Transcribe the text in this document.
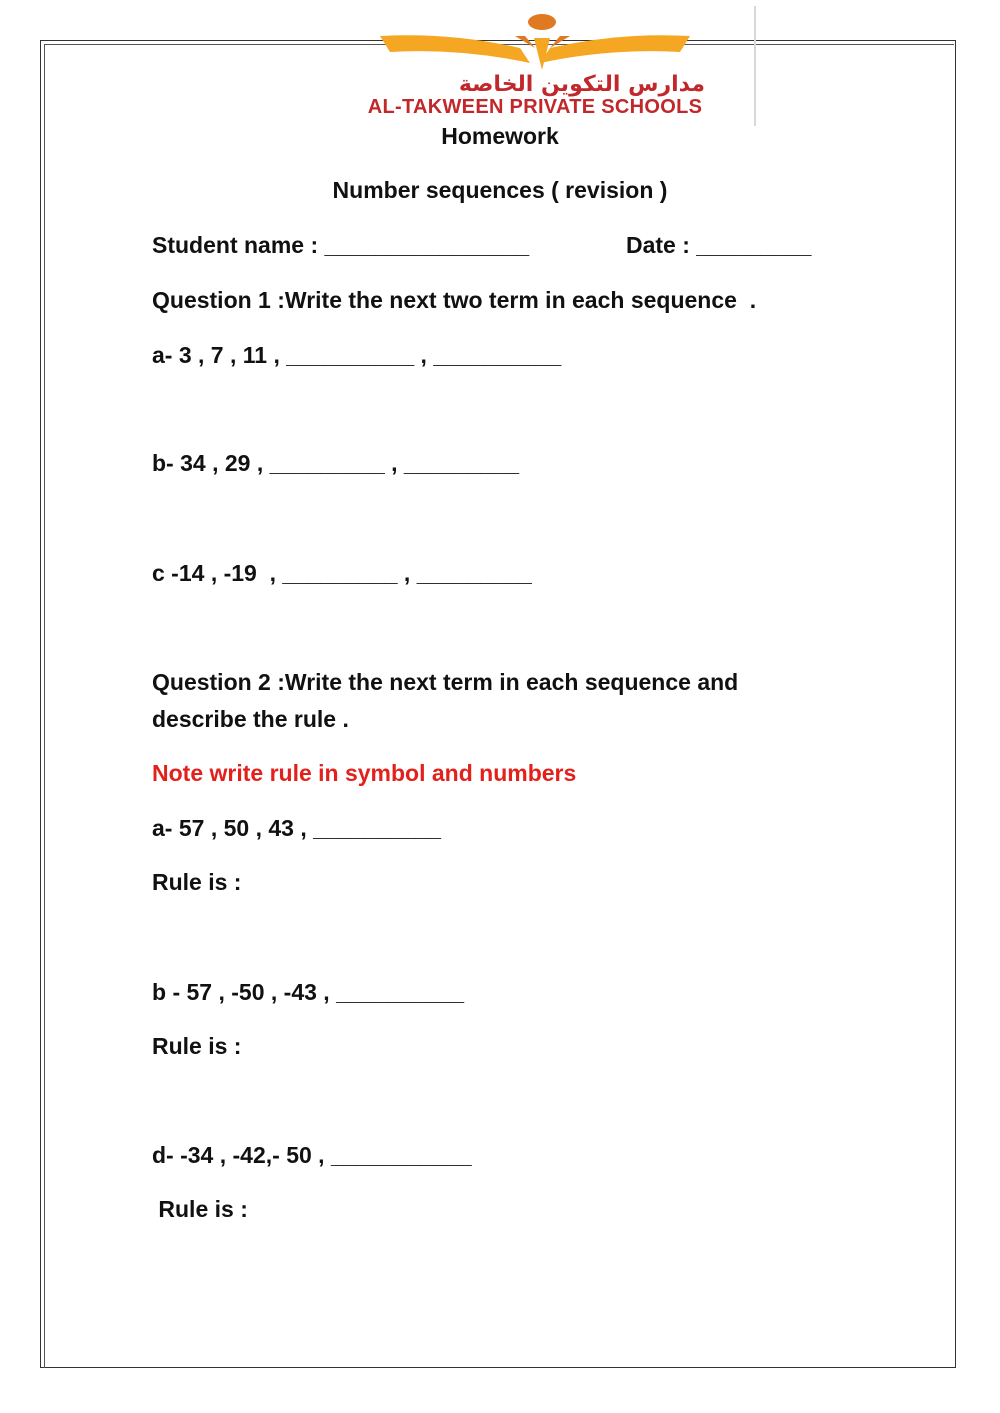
مدارس التكوين الخاصة
AL-TAKWEEN PRIVATE SCHOOLS
Homework
Number sequences ( revision )
Student name : ________________	Date : _________
Question 1 :Write the next two term in each sequence  .
a- 3 , 7 , 11 , __________ , __________
b- 34 , 29 , _________ , _________
c -14 , -19  , _________ , _________
Question 2 :Write the next term in each sequence and
describe the rule .
Note write rule in symbol and numbers
a- 57 , 50 , 43 , __________
Rule is :
b - 57 , -50 , -43 , __________
Rule is :
d- -34 , -42,- 50 , ___________
Rule is :
